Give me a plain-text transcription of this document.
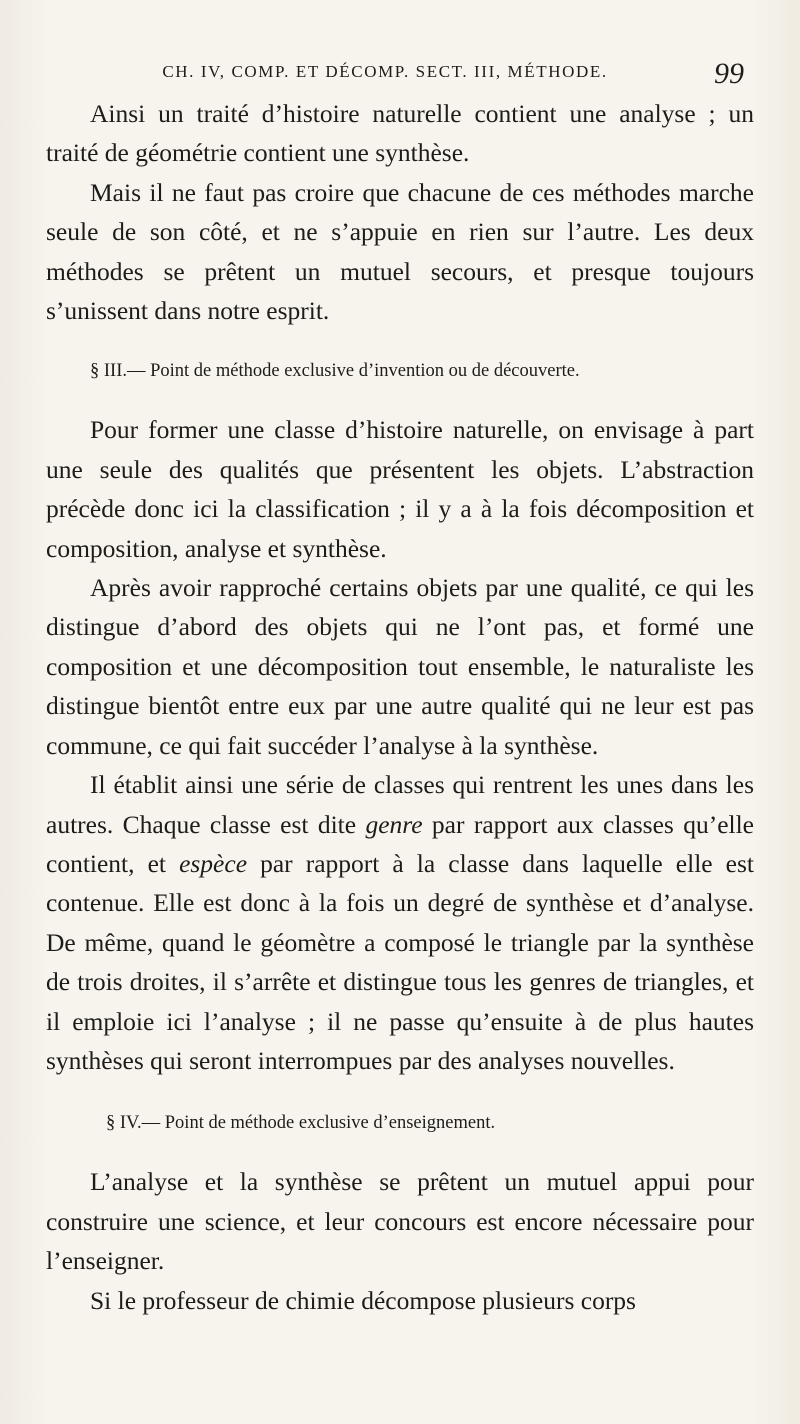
CH. IV, COMP. ET DÉCOMP. SECT. III, MÉTHODE.	99

Ainsi un traité d’histoire naturelle contient une analyse ; un traité de géométrie contient une synthèse.

Mais il ne faut pas croire que chacune de ces méthodes marche seule de son côté, et ne s’appuie en rien sur l’autre. Les deux méthodes se prêtent un mutuel secours, et presque toujours s’unissent dans notre esprit.

§ III.— Point de méthode exclusive d’invention ou de découverte.

Pour former une classe d’histoire naturelle, on envisage à part une seule des qualités que présentent les objets. L’abstraction précède donc ici la classification ; il y a à la fois décomposition et composition, analyse et synthèse.

Après avoir rapproché certains objets par une qualité, ce qui les distingue d’abord des objets qui ne l’ont pas, et formé une composition et une décomposition tout ensemble, le naturaliste les distingue bientôt entre eux par une autre qualité qui ne leur est pas commune, ce qui fait succéder l’analyse à la synthèse.

Il établit ainsi une série de classes qui rentrent les unes dans les autres. Chaque classe est dite genre par rapport aux classes qu’elle contient, et espèce par rapport à la classe dans laquelle elle est contenue. Elle est donc à la fois un degré de synthèse et d’analyse. De même, quand le géomètre a composé le triangle par la synthèse de trois droites, il s’arrête et distingue tous les genres de triangles, et il emploie ici l’analyse ; il ne passe qu’ensuite à de plus hautes synthèses qui seront interrompues par des analyses nouvelles.

§ IV.— Point de méthode exclusive d’enseignement.

L’analyse et la synthèse se prêtent un mutuel appui pour construire une science, et leur concours est encore nécessaire pour l’enseigner.

Si le professeur de chimie décompose plusieurs corps
